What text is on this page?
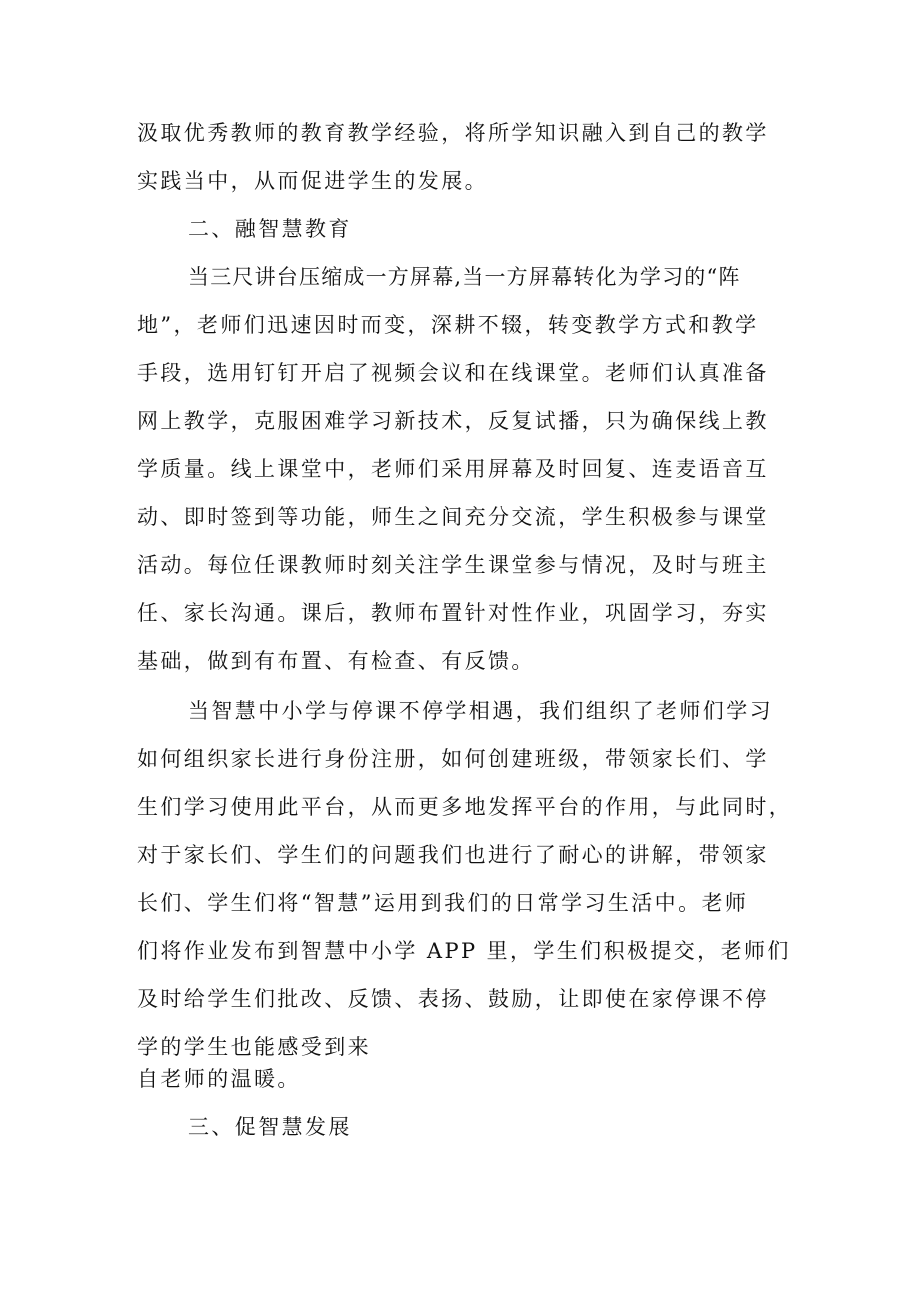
汲取优秀教师的教育教学经验，将所学知识融入到自己的教学
实践当中，从而促进学生的发展。
二、融智慧教育
当三尺讲台压缩成一方屏幕,当一方屏幕转化为学习的“阵
地”，老师们迅速因时而变，深耕不辍，转变教学方式和教学
手段，选用钉钉开启了视频会议和在线课堂。老师们认真准备
网上教学，克服困难学习新技术，反复试播，只为确保线上教
学质量。线上课堂中，老师们采用屏幕及时回复、连麦语音互
动、即时签到等功能，师生之间充分交流，学生积极参与课堂
活动。每位任课教师时刻关注学生课堂参与情况，及时与班主
任、家长沟通。课后，教师布置针对性作业，巩固学习，夯实
基础，做到有布置、有检查、有反馈。
当智慧中小学与停课不停学相遇，我们组织了老师们学习
如何组织家长进行身份注册，如何创建班级，带领家长们、学
生们学习使用此平台，从而更多地发挥平台的作用，与此同时，
对于家长们、学生们的问题我们也进行了耐心的讲解，带领家
长们、学生们将“智慧”运用到我们的日常学习生活中。老师
们将作业发布到智慧中小学 APP 里，学生们积极提交，老师们
及时给学生们批改、反馈、表扬、鼓励，让即使在家停课不停
学的学生也能感受到来
自老师的温暖。
三、促智慧发展
